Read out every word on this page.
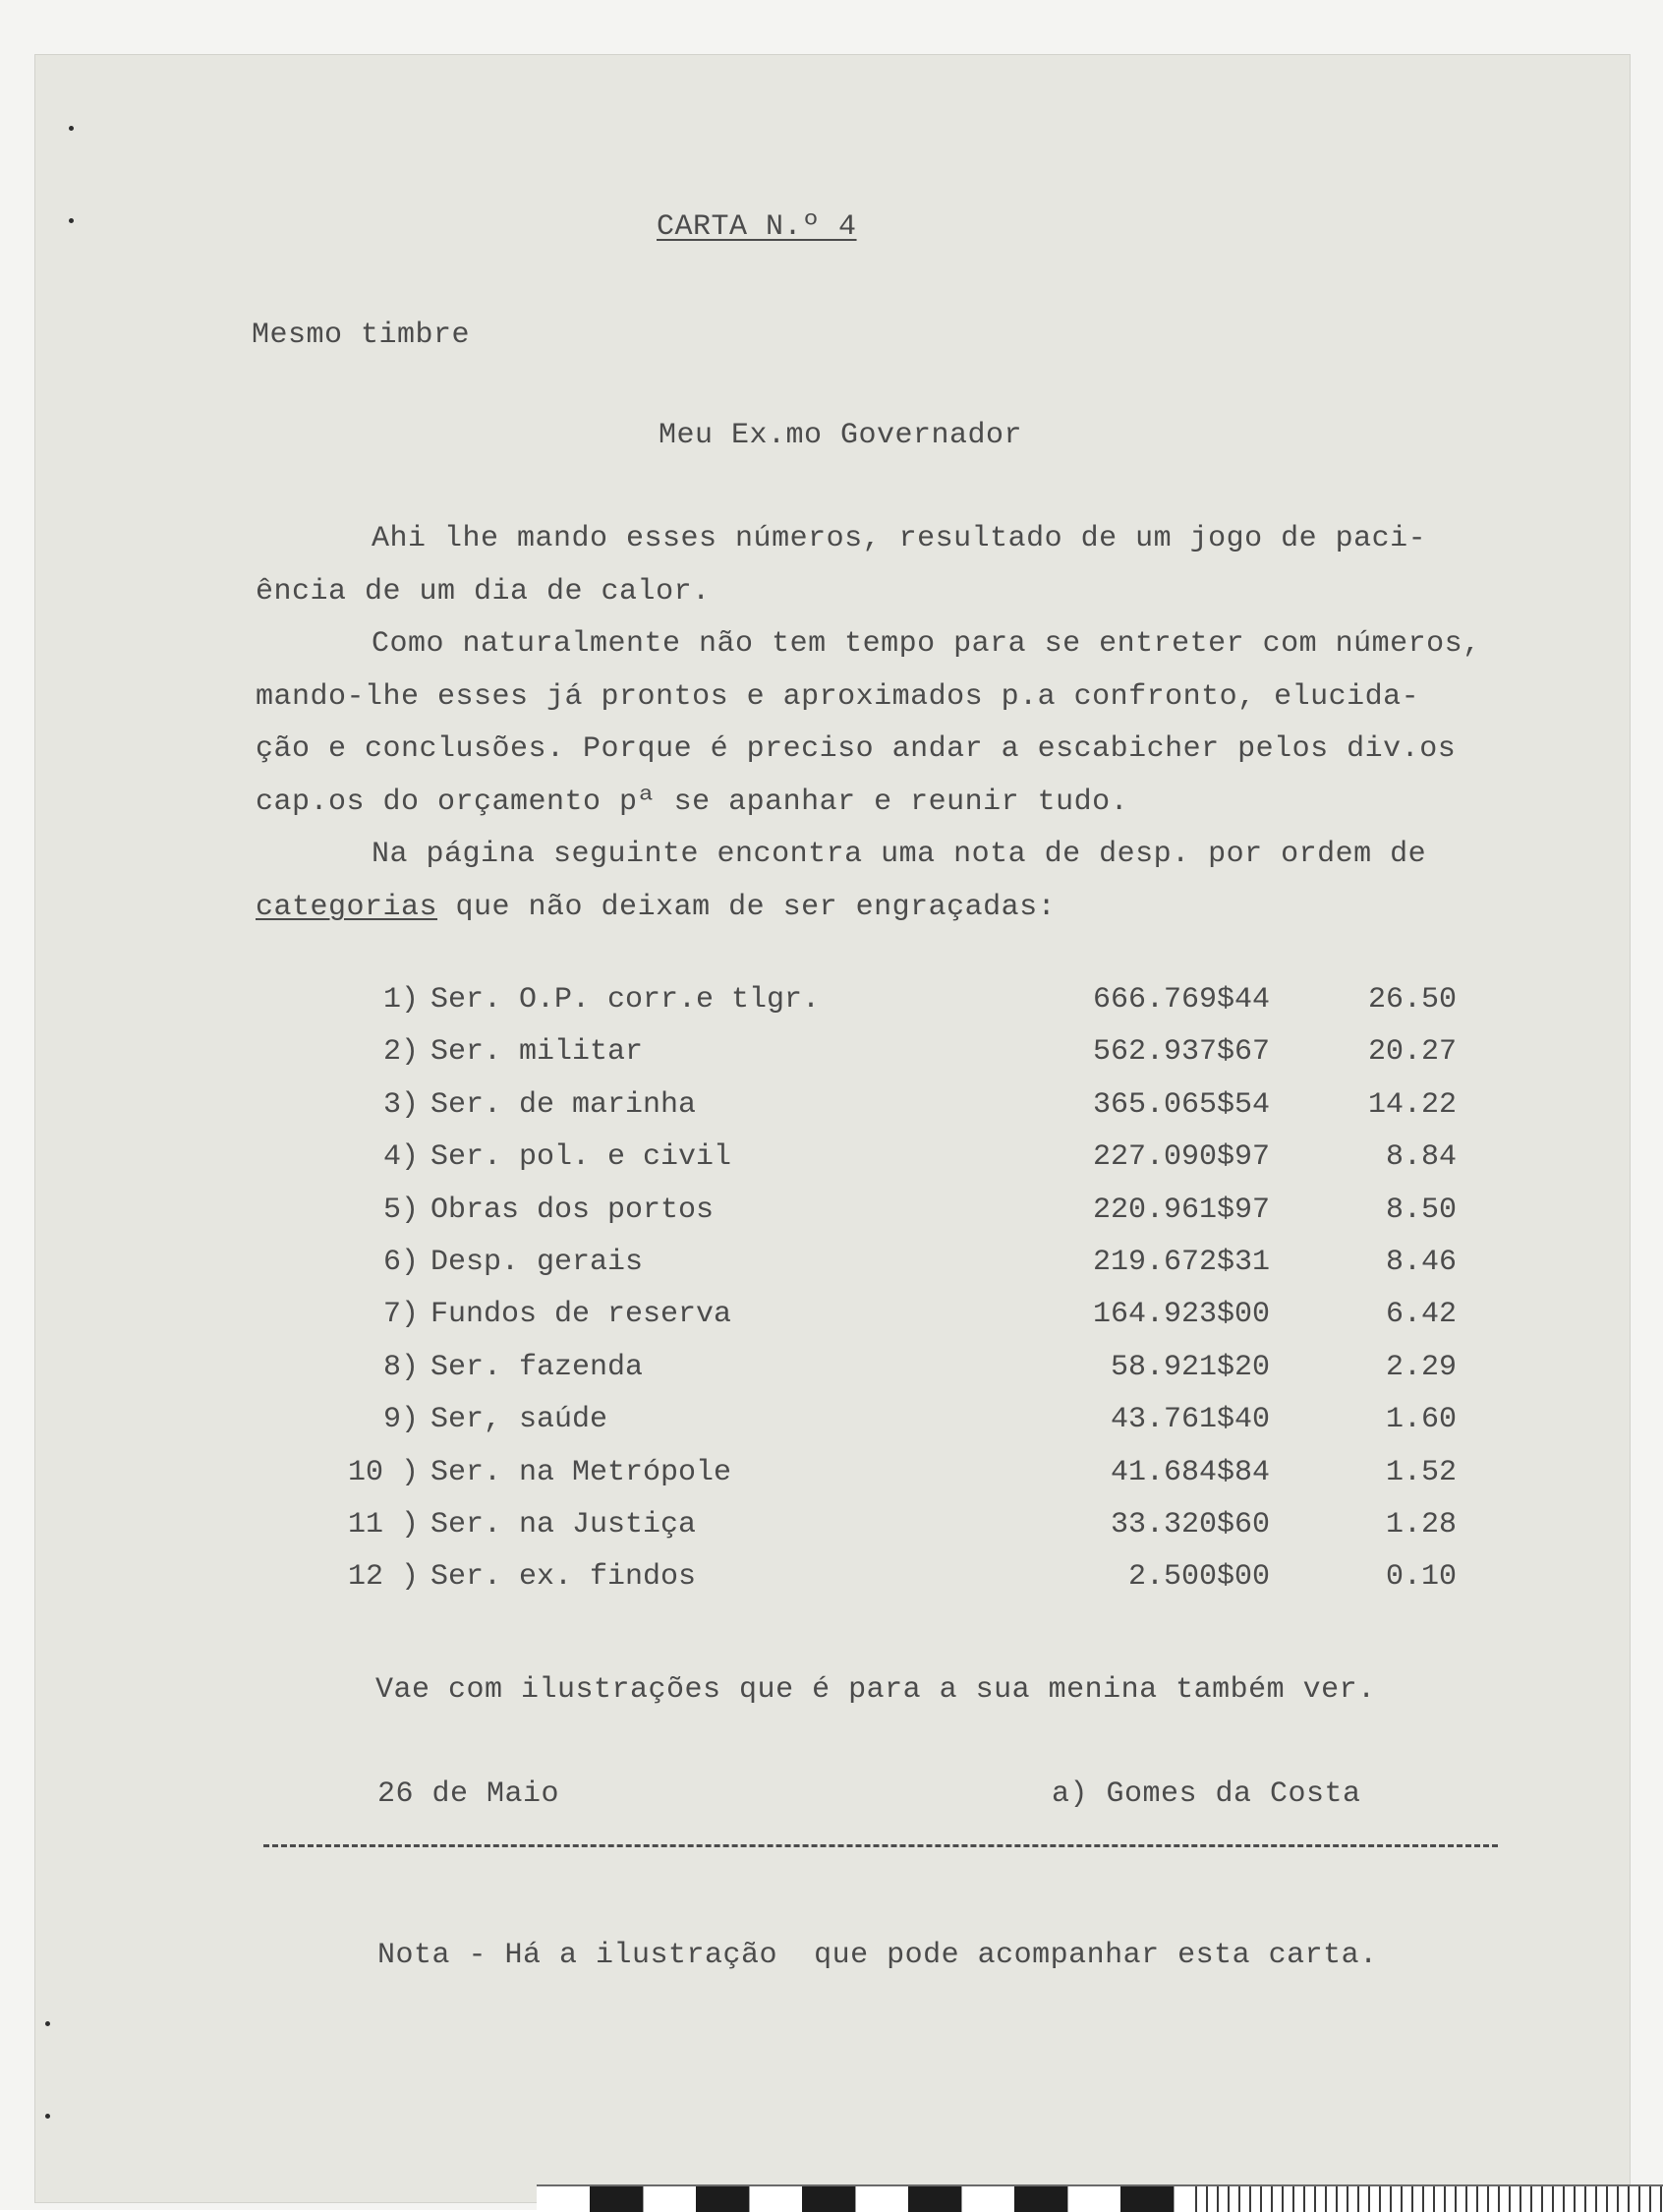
CARTA N.º 4
Mesmo timbre
Meu Ex.mo Governador
Ahi lhe mando esses números, resultado de um jogo de paci-
ência de um dia de calor.
Como naturalmente não tem tempo para se entreter com números,
mando-lhe esses já prontos e aproximados p.a confronto, elucida-
ção e conclusões. Porque é preciso andar a escabicher pelos div.os
cap.os do orçamento pª se apanhar e reunir tudo.
Na página seguinte encontra uma nota de desp. por ordem de
categorias que não deixam de ser engraçadas:
1) Ser. O.P. corr.e tlgr.	666.769$44	26.50
2) Ser. militar	562.937$67	20.27
3) Ser. de marinha	365.065$54	14.22
4) Ser. pol. e civil	227.090$97	8.84
5) Obras dos portos	220.961$97	8.50
6) Desp. gerais	219.672$31	8.46
7) Fundos de reserva	164.923$00	6.42
8) Ser. fazenda	58.921$20	2.29
9) Ser, saúde	43.761$40	1.60
10 ) Ser. na Metrópole	41.684$84	1.52
11 ) Ser. na Justiça	33.320$60	1.28
12 ) Ser. ex. findos	2.500$00	0.10
Vae com ilustrações que é para a sua menina também ver.
26 de Maio	a) Gomes da Costa
Nota - Há a ilustração  que pode acompanhar esta carta.
